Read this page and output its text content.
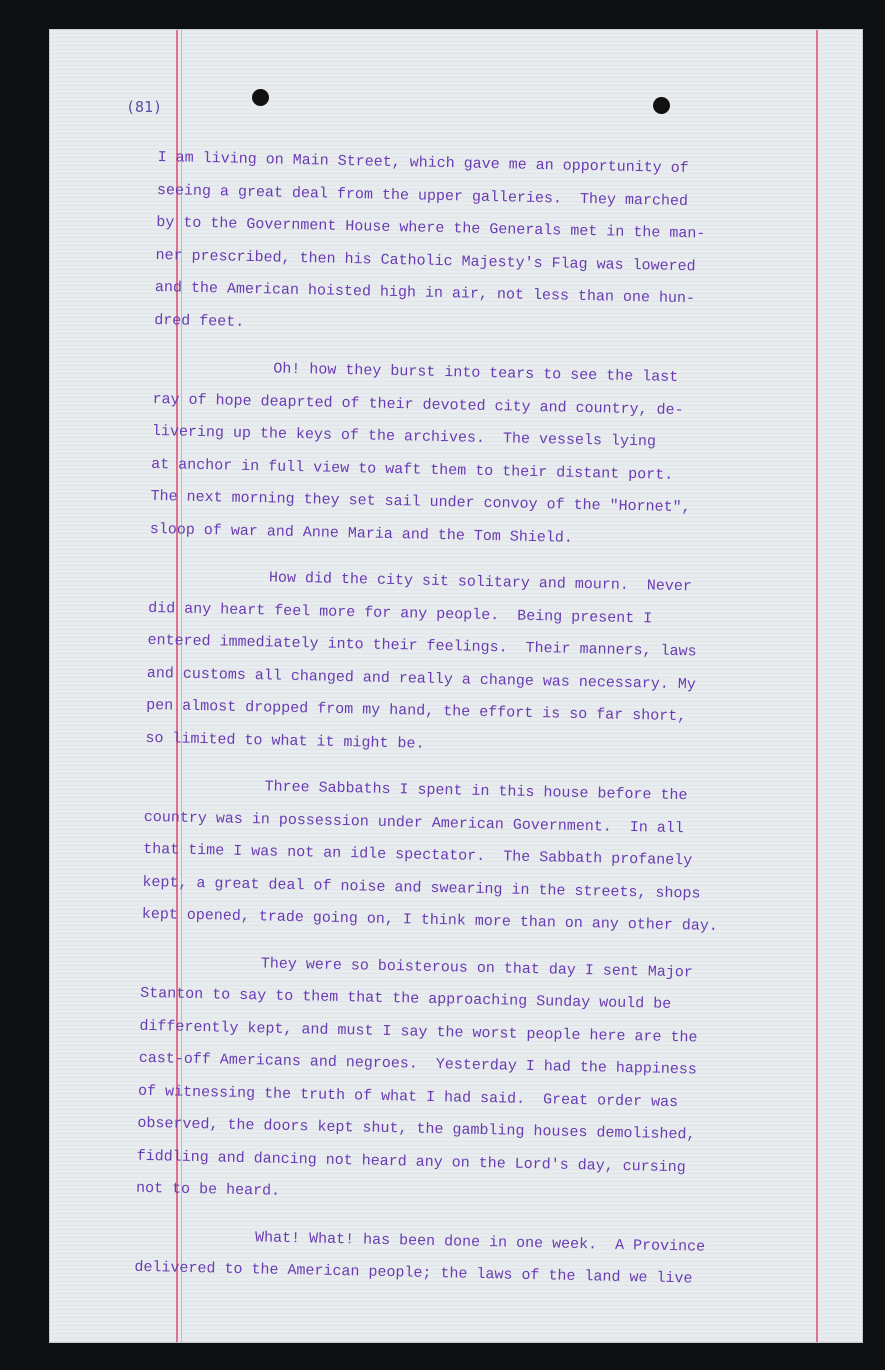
(81)
I am living on Main Street, which gave me an opportunity of
seeing a great deal from the upper galleries.  They marched
by to the Government House where the Generals met in the man-
ner prescribed, then his Catholic Majesty's Flag was lowered
and the American hoisted high in air, not less than one hun-
dred feet.
Oh! how they burst into tears to see the last
ray of hope deaprted of their devoted city and country, de-
livering up the keys of the archives.  The vessels lying
at anchor in full view to waft them to their distant port.
The next morning they set sail under convoy of the "Hornet",
sloop of war and Anne Maria and the Tom Shield.
How did the city sit solitary and mourn.  Never
did any heart feel more for any people.  Being present I
entered immediately into their feelings.  Their manners, laws
and customs all changed and really a change was necessary. My
pen almost dropped from my hand, the effort is so far short,
so limited to what it might be.
Three Sabbaths I spent in this house before the
country was in possession under American Government.  In all
that time I was not an idle spectator.  The Sabbath profanely
kept, a great deal of noise and swearing in the streets, shops
kept opened, trade going on, I think more than on any other day.
They were so boisterous on that day I sent Major
Stanton to say to them that the approaching Sunday would be
differently kept, and must I say the worst people here are the
cast-off Americans and negroes.  Yesterday I had the happiness
of witnessing the truth of what I had said.  Great order was
observed, the doors kept shut, the gambling houses demolished,
fiddling and dancing not heard any on the Lord's day, cursing
not to be heard.
What! What! has been done in one week.  A Province
delivered to the American people; the laws of the land we live
